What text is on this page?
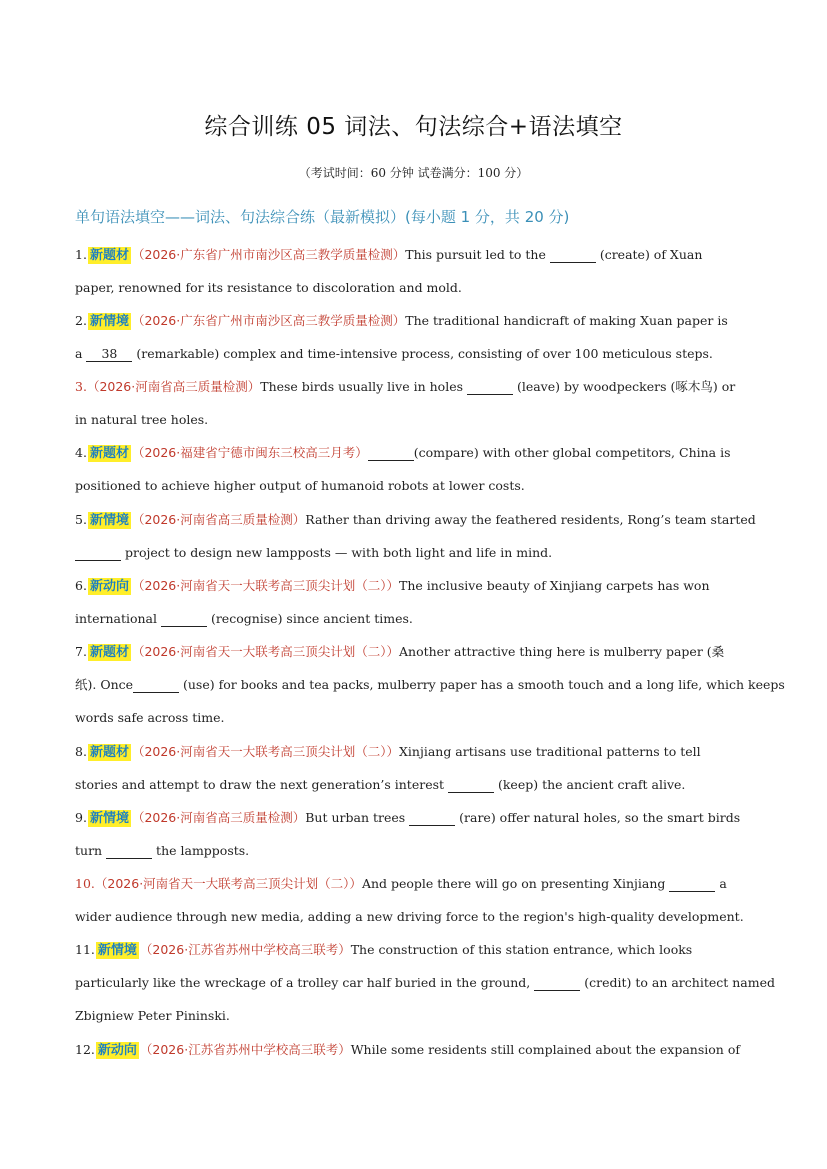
综合训练 05 词法、句法综合+语法填空
（考试时间：60 分钟 试卷满分：100 分）
单句语法填空——词法、句法综合练（最新模拟）(每小题 1 分，共 20 分)
1. 新题材 （2026·广东省广州市南沙区高三教学质量检测）This pursuit led to the	(create) of Xuan
paper, renowned for its resistance to discoloration and mold.
2. 新情境 （2026·广东省广州市南沙区高三教学质量检测）The traditional handicraft of making Xuan paper is
a 38 (remarkable) complex and time-intensive process, consisting of over 100 meticulous steps.
3.（2026·河南省高三质量检测）These birds usually live in holes	(leave) by woodpeckers (啄木鸟) or
in natural tree holes.
4. 新题材 （2026·福建省宁德市闽东三校高三月考）	(compare) with other global competitors, China is
positioned to achieve higher output of humanoid robots at lower costs.
5. 新情境 （2026·河南省高三质量检测）Rather than driving away the feathered residents, Rong’s team started
project to design new lampposts — with both light and life in mind.
6. 新动向 （2026·河南省天一大联考高三顶尖计划（二））The inclusive beauty of Xinjiang carpets has won
international	(recognise) since ancient times.
7. 新题材 （2026·河南省天一大联考高三顶尖计划（二））Another attractive thing here is mulberry paper (桑
纸). Once	(use) for books and tea packs, mulberry paper has a smooth touch and a long life, which keeps
words safe across time.
8. 新题材 （2026·河南省天一大联考高三顶尖计划（二））Xinjiang artisans use traditional patterns to tell
stories and attempt to draw the next generation’s interest	(keep) the ancient craft alive.
9. 新情境 （2026·河南省高三质量检测）But urban trees	(rare) offer natural holes, so the smart birds
turn	the lampposts.
10.（2026·河南省天一大联考高三顶尖计划（二））And people there will go on presenting Xinjiang	a
wider audience through new media, adding a new driving force to the region's high-quality development.
11. 新情境 （2026·江苏省苏州中学校高三联考）The construction of this station entrance, which looks
particularly like the wreckage of a trolley car half buried in the ground,	(credit) to an architect named
Zbigniew Peter Pininski.
12. 新动向 （2026·江苏省苏州中学校高三联考）While some residents still complained about the expansion of
